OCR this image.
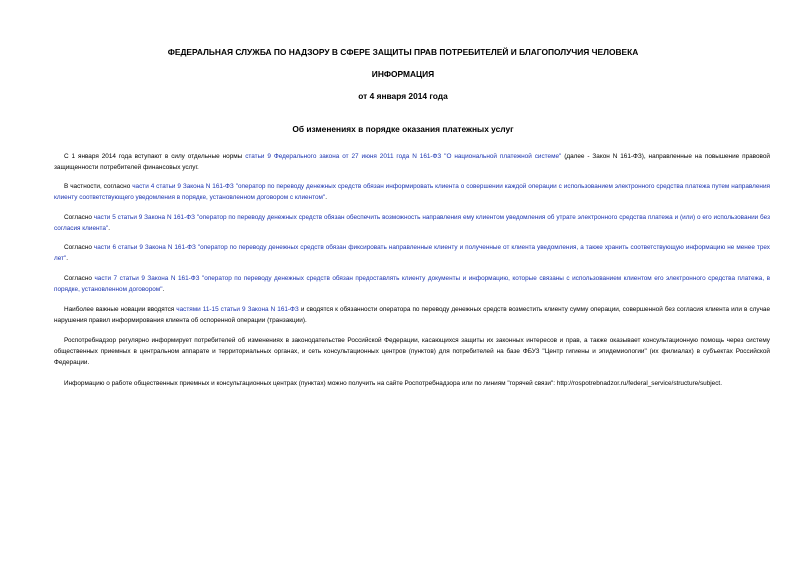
ФЕДЕРАЛЬНАЯ СЛУЖБА ПО НАДЗОРУ В СФЕРЕ ЗАЩИТЫ ПРАВ ПОТРЕБИТЕЛЕЙ И БЛАГОПОЛУЧИЯ ЧЕЛОВЕКА
ИНФОРМАЦИЯ
от 4 января 2014 года
Об изменениях в порядке оказания платежных услуг
С 1 января 2014 года вступают в силу отдельные нормы статьи 9 Федерального закона от 27 июня 2011 года N 161-ФЗ "О национальной платежной системе" (далее - Закон N 161-ФЗ), направленные на повышение правовой защищенности потребителей финансовых услуг.
В частности, согласно части 4 статьи 9 Закона N 161-ФЗ "оператор по переводу денежных средств обязан информировать клиента о совершении каждой операции с использованием электронного средства платежа путем направления клиенту соответствующего уведомления в порядке, установленном договором с клиентом".
Согласно части 5 статьи 9 Закона N 161-ФЗ "оператор по переводу денежных средств обязан обеспечить возможность направления ему клиентом уведомления об утрате электронного средства платежа и (или) о его использовании без согласия клиента".
Согласно части 6 статьи 9 Закона N 161-ФЗ "оператор по переводу денежных средств обязан фиксировать направленные клиенту и полученные от клиента уведомления, а также хранить соответствующую информацию не менее трех лет".
Согласно части 7 статьи 9 Закона N 161-ФЗ "оператор по переводу денежных средств обязан предоставлять клиенту документы и информацию, которые связаны с использованием клиентом его электронного средства платежа, в порядке, установленном договором".
Наиболее важные новации вводятся частями 11-15 статьи 9 Закона N 161-ФЗ и сводятся к обязанности оператора по переводу денежных средств возместить клиенту сумму операции, совершенной без согласия клиента или в случае нарушения правил информирования клиента об оспоренной операции (транзакции).
Роспотребнадзор регулярно информирует потребителей об изменениях в законодательстве Российской Федерации, касающихся защиты их законных интересов и прав, а также оказывает консультационную помощь через систему общественных приемных в центральном аппарате и территориальных органах, и сеть консультационных центров (пунктов) для потребителей на базе ФБУЗ "Центр гигиены и эпидемиологии" (их филиалах) в субъектах Российской Федерации.
Информацию о работе общественных приемных и консультационных центрах (пунктах) можно получить на сайте Роспотребнадзора или по линиям "горячей связи": http://rospotrebnadzor.ru/federal_service/structure/subject.
